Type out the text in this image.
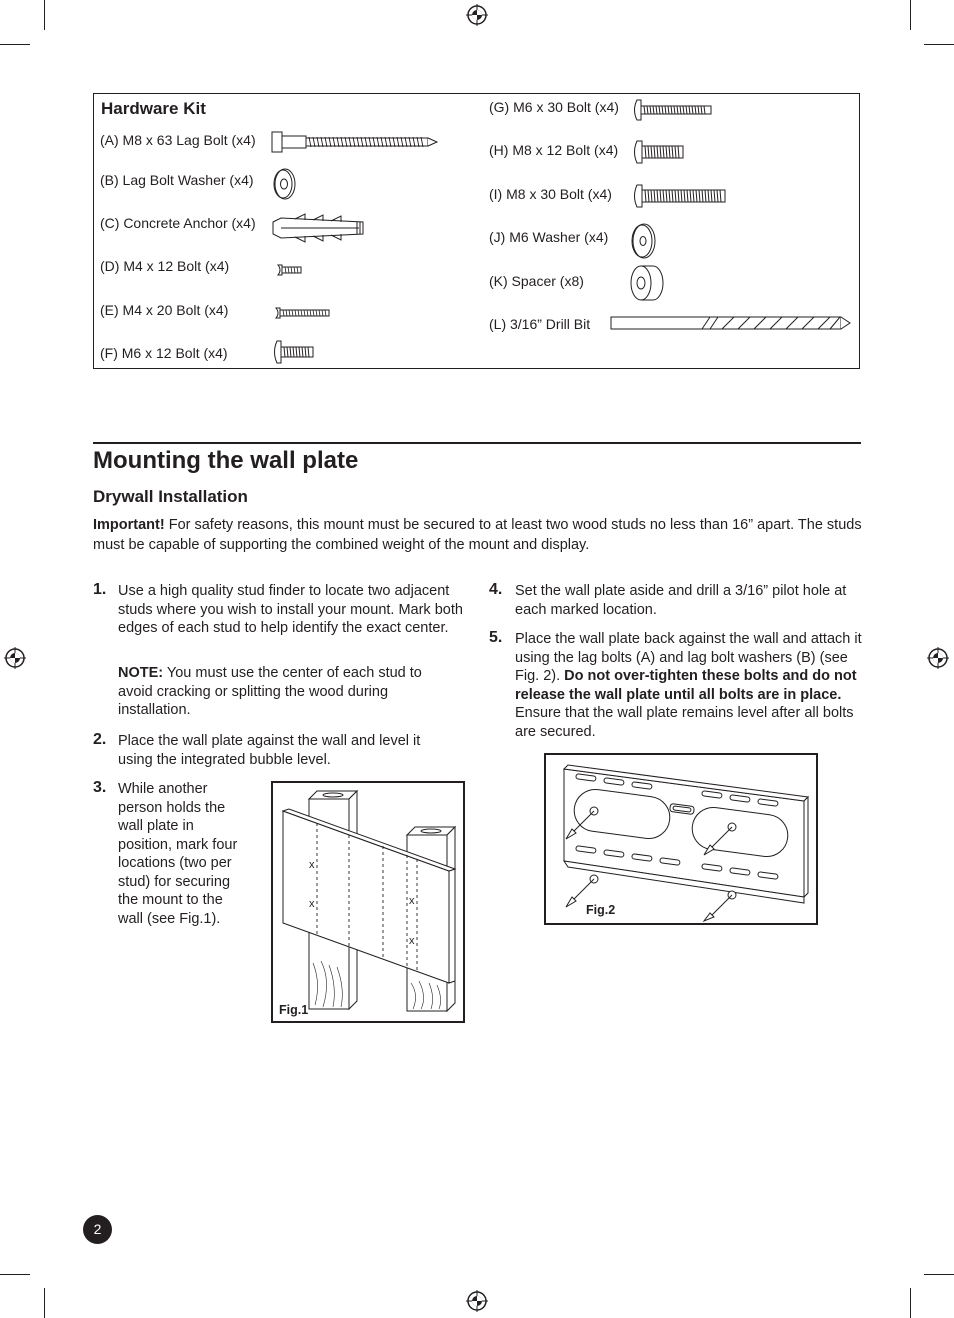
Hardware Kit
(A) M8 x 63 Lag Bolt (x4)
(B) Lag Bolt Washer (x4)
(C) Concrete Anchor (x4)
(D) M4 x 12 Bolt (x4)
(E) M4 x 20 Bolt (x4)
(F) M6 x 12 Bolt (x4)
(G) M6 x 30 Bolt (x4)
(H) M8 x 12 Bolt (x4)
(I) M8 x 30 Bolt (x4)
(J) M6 Washer (x4)
(K) Spacer (x8)
(L) 3/16” Drill Bit
Mounting the wall plate
Drywall Installation
Important! For safety reasons, this mount must be secured to at least two wood studs no less than 16” apart. The studs must be capable of supporting the combined weight of the mount and display.
1. Use a high quality stud finder to locate two adjacent studs where you wish to install your mount. Mark both edges of each stud to help identify the exact center.
NOTE: You must use the center of each stud to avoid cracking or splitting the wood during installation.
2. Place the wall plate against the wall and level it using the integrated bubble level.
3. While another person holds the wall plate in position, mark four locations (two per stud) for securing the mount to the wall (see Fig.1).
4. Set the wall plate aside and drill a 3/16” pilot hole at each marked location.
5. Place the wall plate back against the wall and attach it using the lag bolts (A) and lag bolt washers (B) (see Fig. 2). Do not over-tighten these bolts and do not release the wall plate until all bolts are in place. Ensure that the wall plate remains level after all bolts are secured.
x
x	x
x
Fig.1
Fig.2
2
